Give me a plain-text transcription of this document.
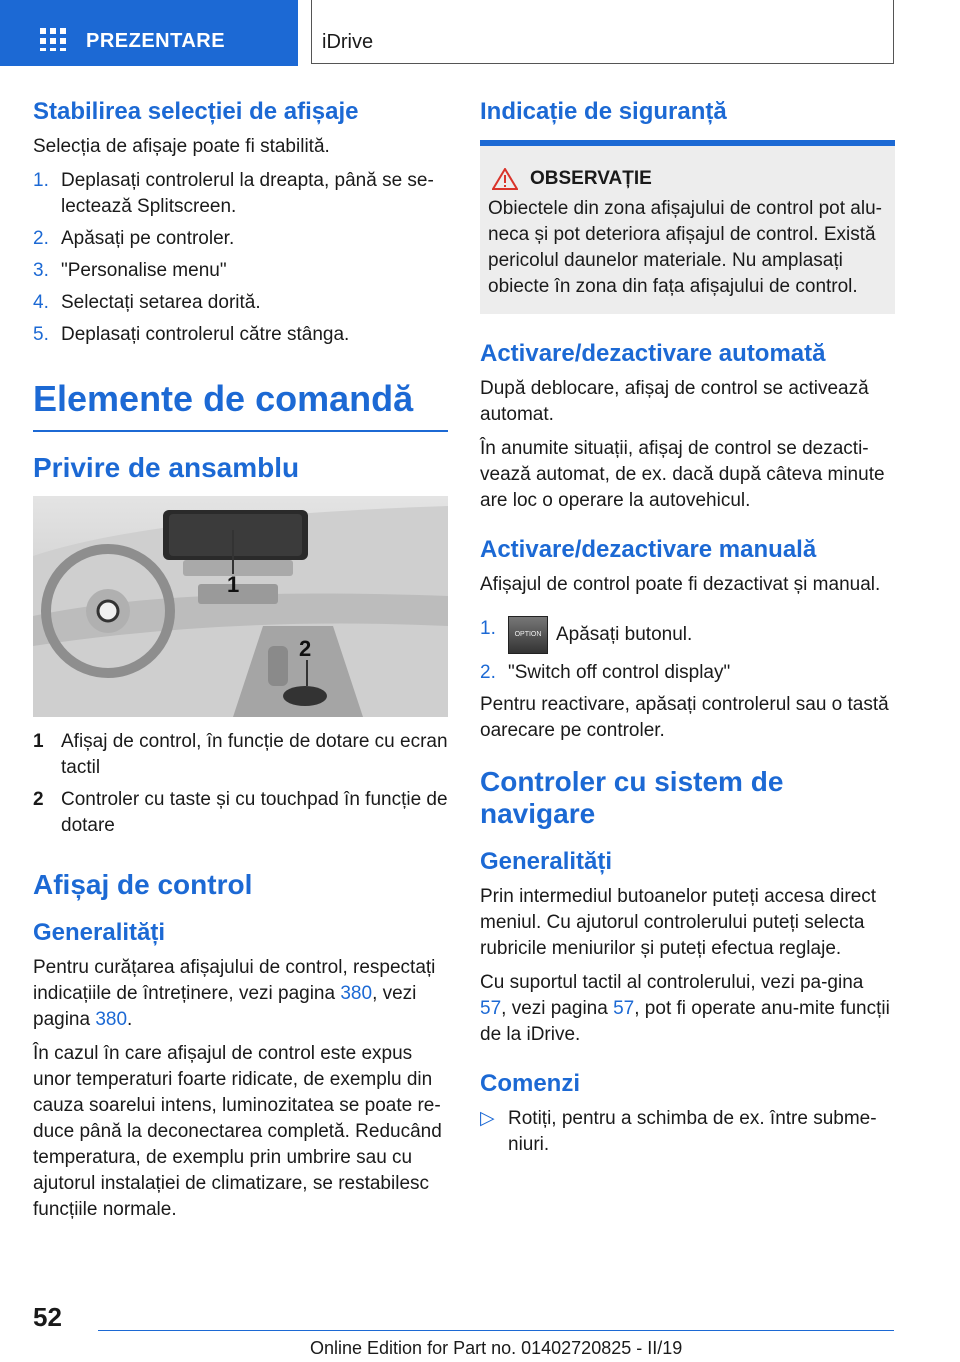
PREZENTARE	iDrive
Stabilirea selecției de afișaje
Selecția de afișaje poate fi stabilită.
1. Deplasați controlerul la dreapta, până se se-lectează Splitscreen.
2. Apăsați pe controler.
3. "Personalise menu"
4. Selectați setarea dorită.
5. Deplasați controlerul către stânga.
Elemente de comandă
Privire de ansamblu
1
2
1 Afișaj de control, în funcție de dotare cu ecran tactil
2 Controler cu taste și cu touchpad în funcție de dotare
Afișaj de control
Generalități
Pentru curățarea afișajului de control, respectați indicațiile de întreținere, vezi pagina 380, vezi pagina 380.
În cazul în care afișajul de control este expus unor temperaturi foarte ridicate, de exemplu din cauza soarelui intens, luminozitatea se poate re-duce până la deconectarea completă. Reducând temperatura, de exemplu prin umbrire sau cu ajutorul instalației de climatizare, se restabilesc funcțiile normale.
Indicație de siguranță
OBSERVAȚIE
Obiectele din zona afișajului de control pot alu-neca și pot deteriora afișajul de control. Există pericolul daunelor materiale. Nu amplasați obiecte în zona din fața afișajului de control.
Activare/dezactivare automată
După deblocare, afișaj de control se activează automat.
În anumite situații, afișaj de control se dezacti-vează automat, de ex. dacă după câteva minute are loc o operare la autovehicul.
Activare/dezactivare manuală
Afișajul de control poate fi dezactivat și manual.
1.	OPTION Apăsați butonul.
2. "Switch off control display"
Pentru reactivare, apăsați controlerul sau o tastă oarecare pe controler.
Controler cu sistem de navigare
Generalități
Prin intermediul butoanelor puteți accesa direct meniul. Cu ajutorul controlerului puteți selecta rubricile meniurilor și puteți efectua reglaje.
Cu suportul tactil al controlerului, vezi pa-gina 57, vezi pagina 57, pot fi operate anu-mite funcții de la iDrive.
Comenzi
▷ Rotiți, pentru a schimba de ex. între subme-niuri.
52
Online Edition for Part no. 01402720825 - II/19
